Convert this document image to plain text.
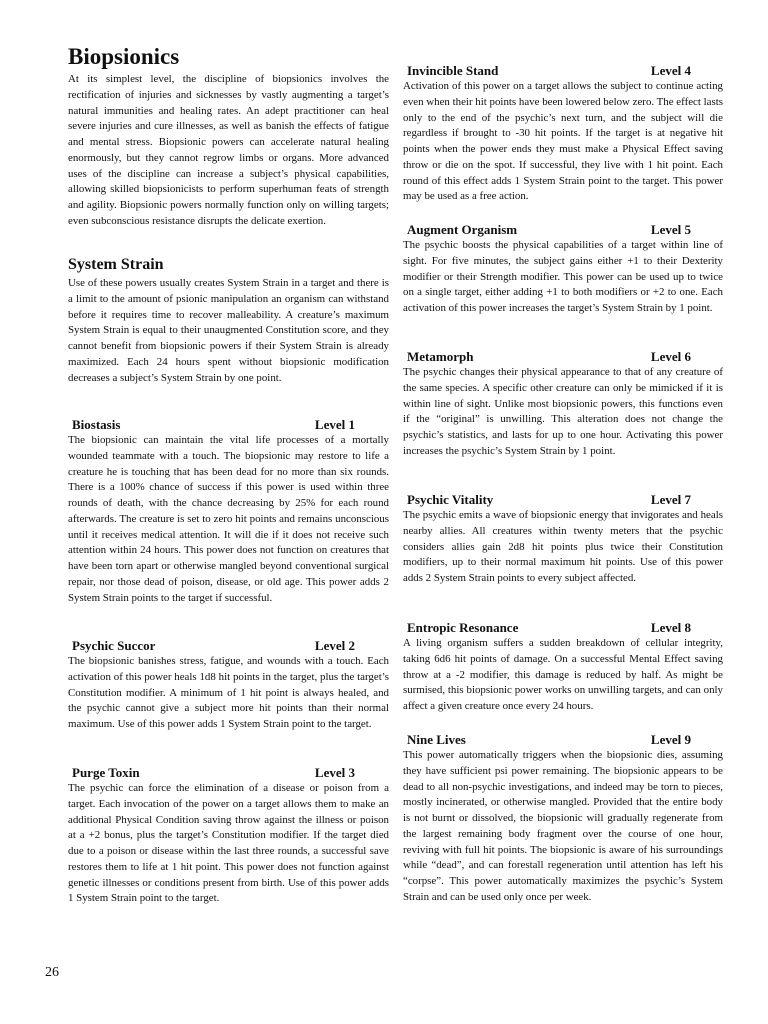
Biopsionics

At its simplest level, the discipline of biopsionics involves the rectification of injuries and sicknesses by vastly augmenting a target’s natural immunities and healing rates. An adept practitioner can heal severe injuries and cure illnesses, as well as banish the effects of fatigue and mental stress. Biopsionic powers can accelerate natural healing enormously, but they cannot regrow limbs or organs. More advanced uses of the discipline can increase a subject’s physical capabilities, allowing skilled biopsionicists to perform superhuman feats of strength and agility. Biopsionic powers normally function only on willing targets; even subconscious resistance disrupts the delicate exertion.

System Strain

Use of these powers usually creates System Strain in a target and there is a limit to the amount of psionic manipulation an organism can withstand before it requires time to recover malleability. A creature’s maximum System Strain is equal to their unaugmented Constitution score, and they cannot benefit from biopsionic powers if their System Strain is already maximized. Each 24 hours spent without biopsionic modification decreases a subject’s System Strain by one point.

Biostasis	Level 1

The biopsionic can maintain the vital life processes of a mortally wounded teammate with a touch. The biopsionic may restore to life a creature he is touching that has been dead for no more than six rounds. There is a 100% chance of success if this power is used within three rounds of death, with the chance decreasing by 25% for each round afterwards. The creature is set to zero hit points and remains unconscious until it receives medical attention. It will die if it does not receive such attention within 24 hours. This power does not function on creatures that have been torn apart or otherwise mangled beyond conventional surgical repair, nor those dead of poison, disease, or old age. This power adds 2 System Strain points to the target if successful.

Psychic Succor	Level 2

The biopsionic banishes stress, fatigue, and wounds with a touch. Each activation of this power heals 1d8 hit points in the target, plus the target’s Constitution modifier. A minimum of 1 hit point is always healed, and the psychic cannot give a subject more hit points than their normal maximum. Use of this power adds 1 System Strain point to the target.

Purge Toxin	Level 3

The psychic can force the elimination of a disease or poison from a target. Each invocation of the power on a target allows them to make an additional Physical Condition saving throw against the illness or poison at a +2 bonus, plus the target’s Constitution modifier. If the target died due to a poison or disease within the last three rounds, a successful save restores them to life at 1 hit point. This power does not function against genetic illnesses or conditions present from birth. Use of this power adds 1 System Strain point to the target.

Invincible Stand	Level 4

Activation of this power on a target allows the subject to continue acting even when their hit points have been lowered below zero. The effect lasts only to the end of the psychic’s next turn, and the subject will die regardless if brought to -30 hit points. If the target is at negative hit points when the power ends they must make a Physical Effect saving throw or die on the spot. If successful, they live with 1 hit point. Each round of this effect adds 1 System Strain point to the target. This power may be used as a free action.

Augment Organism	Level 5

The psychic boosts the physical capabilities of a target within line of sight. For five minutes, the subject gains either +1 to their Dexterity modifier or their Strength modifier. This power can be used up to twice on a single target, either adding +1 to both modifiers or +2 to one. Each activation of this power increases the target’s System Strain by 1 point.

Metamorph	Level 6

The psychic changes their physical appearance to that of any creature of the same species. A specific other creature can only be mimicked if it is within line of sight. Unlike most biopsionic powers, this functions even if the “original” is unwilling. This alteration does not change the psychic’s statistics, and lasts for up to one hour. Activating this power increases the psychic’s System Strain by 1 point.

Psychic Vitality	Level 7

The psychic emits a wave of biopsionic energy that invigorates and heals nearby allies. All creatures within twenty meters that the psychic considers allies gain 2d8 hit points plus twice their Constitution modifiers, up to their normal maximum hit points. Use of this power adds 2 System Strain points to every subject affected.

Entropic Resonance	Level 8

A living organism suffers a sudden breakdown of cellular integrity, taking 6d6 hit points of damage. On a successful Mental Effect saving throw at a -2 modifier, this damage is reduced by half. As might be surmised, this biopsionic power works on unwilling targets, and can only affect a given creature once every 24 hours.

Nine Lives	Level 9

This power automatically triggers when the biopsionic dies, assuming they have sufficient psi power remaining. The biopsionic appears to be dead to all non-psychic investigations, and indeed may be torn to pieces, mostly incinerated, or otherwise mangled. Provided that the entire body is not burnt or dissolved, the biopsionic will gradually regenerate from the largest remaining body fragment over the course of one hour, reviving with full hit points. The biopsionic is aware of his surroundings while “dead”, and can forestall regeneration until attention has left his “corpse”. This power automatically maximizes the psychic’s System Strain and can be used only once per week.

26
